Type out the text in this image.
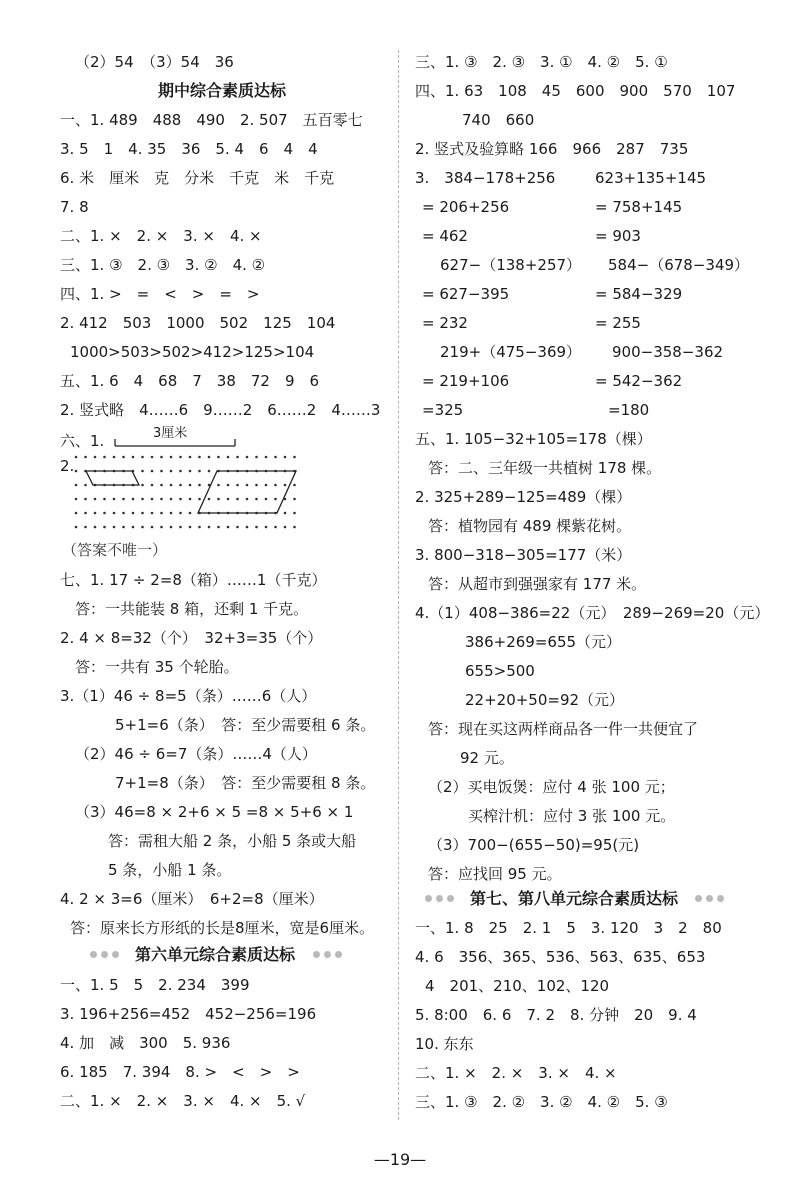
（2）54　（3）54　36
期中综合素质达标
一、1. 489　488　490　2. 507　五百零七
3. 5　1　4. 35　36　5. 4　6　4　4
6. 米　厘米　克　分米　千克　米　千克
7. 8
二、1. ×　2. ×　3. ×　4. ×
三、1. ③　2. ③　3. ②　4. ②
四、1. >　=　<　>　=　>
2. 412　503　1000　502　125　104
1000>503>502>412>125>104
五、1. 6　4　68　7　38　72　9　6
2. 竖式略　4……6　9……2　6……2　4……3
六、1.	3厘米
2.
（答案不唯一）
七、1. 17 ÷ 2=8（箱）……1（千克）
答：一共能装 8 箱，还剩 1 千克。
2. 4 × 8=32（个）　32+3=35（个）
答：一共有 35 个轮胎。
3.（1）46 ÷ 8=5（条）……6（人）
5+1=6（条）　答：至少需要租 6 条。
（2）46 ÷ 6=7（条）……4（人）
7+1=8（条）　答：至少需要租 8 条。
（3）46=8 × 2+6 × 5 =8 × 5+6 × 1
答：需租大船 2 条，小船 5 条或大船
5 条，小船 1 条。
4. 2 × 3=6（厘米）　6+2=8（厘米）
答：原来长方形纸的长是8厘米，宽是6厘米。
第六单元综合素质达标
一、1. 5　5　2. 234　399
3. 196+256=452　452−256=196
4. 加　减　300　5. 936
6. 185　7. 394　8. >　<　>　>
二、1. ×　2. ×　3. ×　4. ×　5. √
三、1. ③　2. ③　3. ①　4. ②　5. ①
四、1. 63　108　45　600　900　570　107
740　660
2. 竖式及验算略 166　966　287　735
3.　384−178+256	623+135+145
= 206+256	= 758+145
= 462	= 903
627−（138+257） 584−（678−349）
= 627−395	= 584−329
= 232	= 255
219+（475−369） 900−358−362
= 219+106	= 542−362
=325	=180
五、1. 105−32+105=178（棵）
答：二、三年级一共植树 178 棵。
2. 325+289−125=489（棵）
答：植物园有 489 棵紫花树。
3. 800−318−305=177（米）
答：从超市到强强家有 177 米。
4.（1）408−386=22（元）　289−269=20（元）
386+269=655（元）
655>500
22+20+50=92（元）
答：现在买这两样商品各一件一共便宜了
92 元。
（2）买电饭煲：应付 4 张 100 元；
买榨汁机：应付 3 张 100 元。
（3）700−(655−50)=95(元)
答：应找回 95 元。
第七、第八单元综合素质达标
一、1. 8　25　2. 1　5　3. 120　3　2　80
4. 6　356、365、536、563、635、653
4　201、210、102、120
5. 8:00　6. 6　7. 2　8. 分钟　20　9. 4
10. 东东
二、1. ×　2. ×　3. ×　4. ×
三、1. ③　2. ②　3. ②　4. ②　5. ③
—19—
